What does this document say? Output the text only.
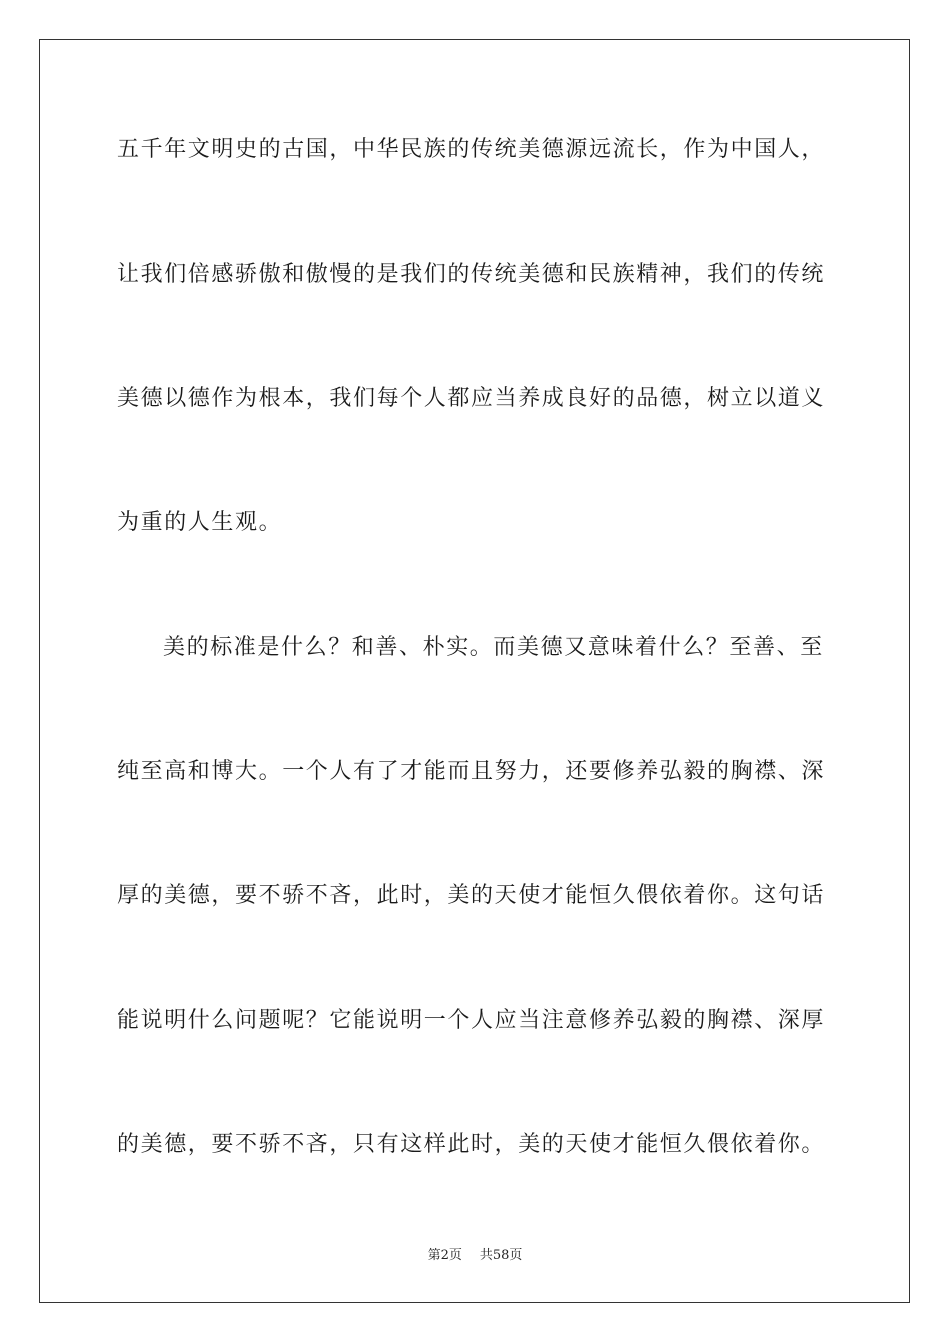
五千年文明史的古国，中华民族的传统美德源远流长，作为中国人，
让我们倍感骄傲和傲慢的是我们的传统美德和民族精神，我们的传统
美德以德作为根本，我们每个人都应当养成良好的品德，树立以道义
为重的人生观。
美的标准是什么？和善、朴实。而美德又意味着什么？至善、至
纯至高和博大。一个人有了才能而且努力，还要修养弘毅的胸襟、深
厚的美德，要不骄不吝，此时，美的天使才能恒久偎依着你。这句话
能说明什么问题呢？它能说明一个人应当注意修养弘毅的胸襟、深厚
的美德，要不骄不吝，只有这样此时，美的天使才能恒久偎依着你。
第2页 共58页
